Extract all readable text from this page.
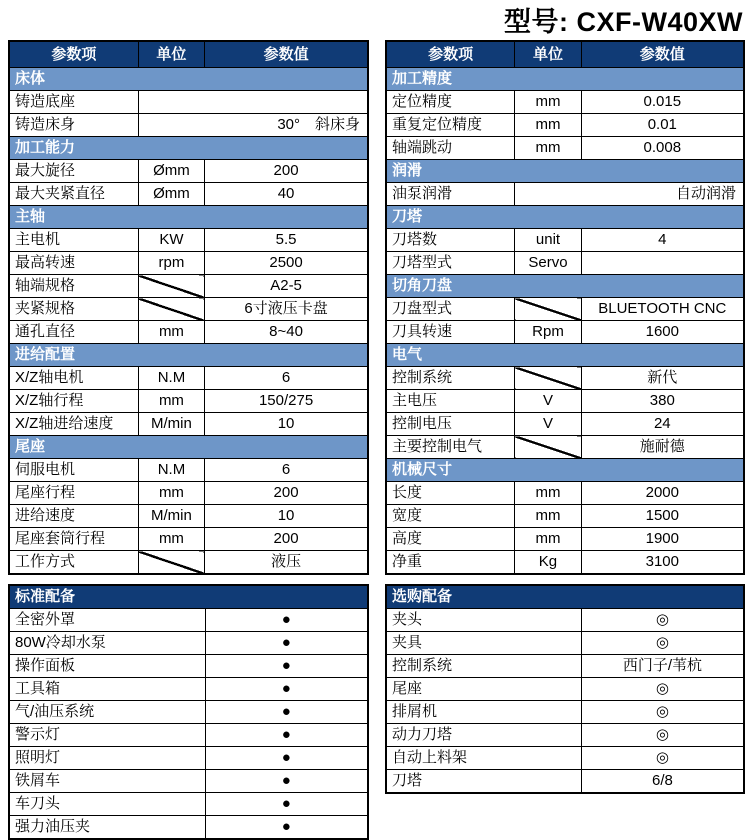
型号: CXF-W40XW
参数项	单位	参数值
床体		
铸造底座		
铸造床身	30°　斜床身	
加工能力		
最大旋径	Ømm	200
最大夹紧直径	Ømm	40
主轴		
主电机	KW	5.5
最高转速	rpm	2500
轴端规格		A2-5
夹紧规格		6寸液压卡盘
通孔直径	mm	8~40
进给配置		
X/Z轴电机	N.M	6
X/Z轴行程	mm	150/275
X/Z轴进给速度	M/min	10
尾座		
伺服电机	N.M	6
尾座行程	mm	200
进给速度	M/min	10
尾座套筒行程	mm	200
工作方式		液压
标准配备	
全密外罩	●
80W冷却水泵	●
操作面板	●
工具箱	●
气/油压系统	●
警示灯	●
照明灯	●
铁屑车	●
车刀头	●
强力油压夹	●
参数项	单位	参数值
加工精度		
定位精度	mm	0.015
重复定位精度	mm	0.01
轴端跳动	mm	0.008
润滑		
油泵润滑	自动润滑	
刀塔		
刀塔数	unit	4
刀塔型式	Servo	
切角刀盘		
刀盘型式		BLUETOOTH CNC
刀具转速	Rpm	1600
电气		
控制系统		新代
主电压	V	380
控制电压	V	24
主要控制电气		施耐德
机械尺寸		
长度	mm	2000
宽度	mm	1500
高度	mm	1900
净重	Kg	3100
选购配备	
夹头	◎
夹具	◎
控制系统	西门子/苇杭
尾座	◎
排屑机	◎
动力刀塔	◎
自动上料架	◎
刀塔	6/8
